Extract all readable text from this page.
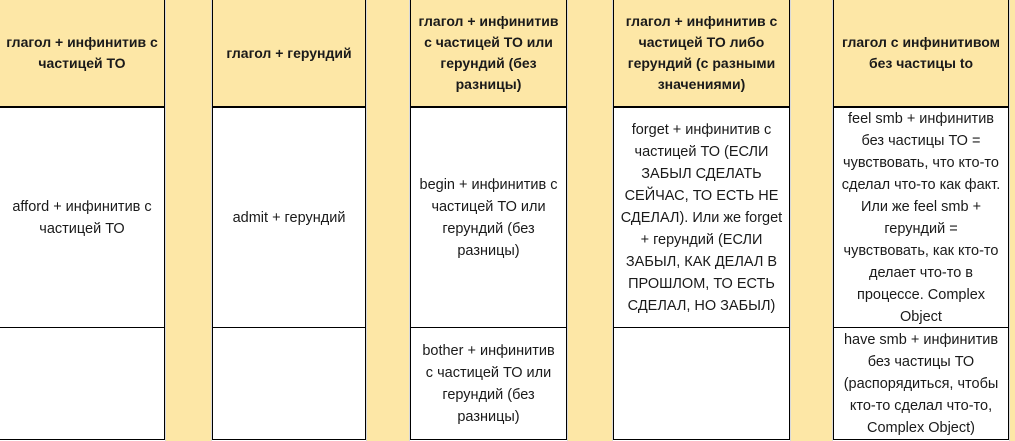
глагол + инфинитив с частицей ТО
afford + инфинитив с частицей ТО
глагол + герундий
admit + герундий
глагол + инфинитив с частицей ТО или герундий (без разницы)
begin + инфинитив с частицей ТО или герундий (без разницы)
bother + инфинитив с частицей ТО или герундий (без разницы)
глагол + инфинитив с частицей ТО либо герундий (с разными значениями)
forget + инфинитив с частицей ТО (ЕСЛИ ЗАБЫЛ СДЕЛАТЬ СЕЙЧАС, ТО ЕСТЬ НЕ СДЕЛАЛ). Или же forget + герундий (ЕСЛИ ЗАБЫЛ, КАК ДЕЛАЛ В ПРОШЛОМ, ТО ЕСТЬ СДЕЛАЛ, НО ЗАБЫЛ)
глагол с инфинитивом без частицы to
feel smb + инфинитив без частицы ТО = чувствовать, что кто-то сделал что-то как факт. Или же feel smb + герундий = чувствовать, как кто-то делает что-то в процессе. Complex Object
have smb + инфинитив без частицы ТО (распорядиться, чтобы кто-то сделал что-то, Complex Object)
